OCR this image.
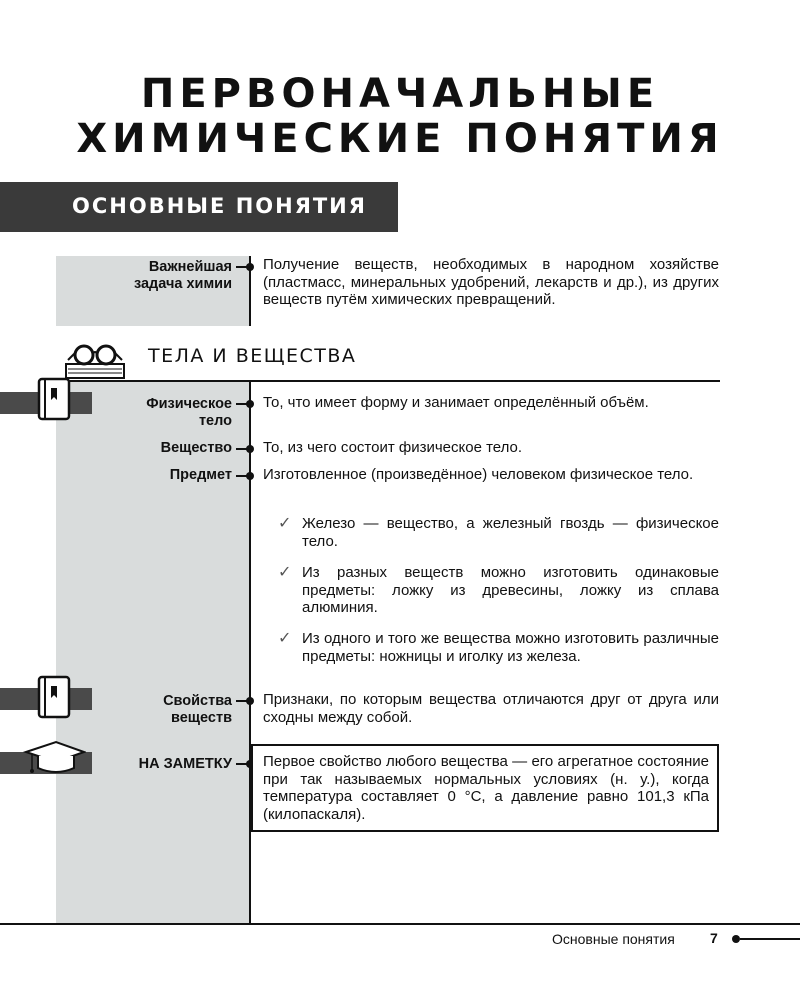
ПЕРВОНАЧАЛЬНЫЕ
ХИМИЧЕСКИЕ ПОНЯТИЯ
ОСНОВНЫЕ ПОНЯТИЯ
Важнейшая
задача химии
Получение веществ, необходимых в народном хозяйстве (пластмасс, минеральных удобрений, лекарств и др.), из других веществ путём химических превращений.
ТЕЛА И ВЕЩЕСТВА
Физическое
тело
То, что имеет форму и занимает определённый объём.
Вещество То, из чего состоит физическое тело.
Предмет Изготовленное (произведённое) человеком физическое тело.
✓ Железо — вещество, а железный гвоздь — физическое тело.
✓ Из разных веществ можно изготовить одинаковые предметы: ложку из древесины, ложку из сплава алюминия.
✓ Из одного и того же вещества можно изготовить различные предметы: ножницы и иголку из железа.
Свойства
веществ
Признаки, по которым вещества отличаются друг от друга или сходны между собой.
НА ЗАМЕТКУ Первое свойство любого вещества — его агрегатное состояние при так называемых нормальных условиях (н. у.), когда температура составляет 0 °С, а давление равно 101,3 кПа (килопаскаля).
Основные понятия	7
